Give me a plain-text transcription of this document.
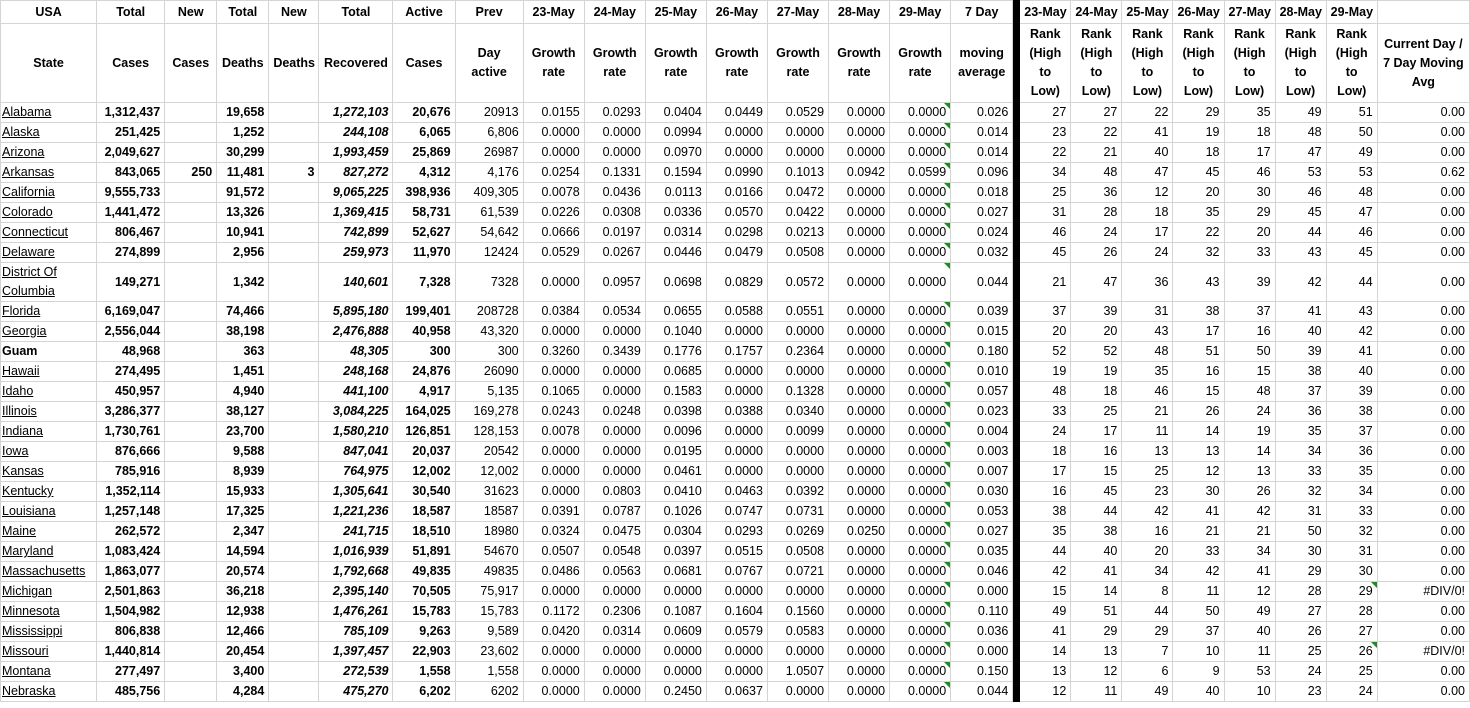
USA	Total	New	Total	New	Total	Active	Prev	23-May	24-May	25-May	26-May	27-May	28-May	29-May	7 Day		23-May	24-May	25-May	26-May	27-May	28-May	29-May	
State	Cases	Cases	Deaths	Deaths	Recovered	Cases	Day active	Growth rate	Growth rate	Growth rate	Growth rate	Growth rate	Growth rate	Growth rate	moving average		Rank (High to Low)	Rank (High to Low)	Rank (High to Low)	Rank (High to Low)	Rank (High to Low)	Rank (High to Low)	Rank (High to Low)	Current Day / 7 Day Moving Avg
Alabama	1,312,437		19,658		1,272,103	20,676	20913	0.0155	0.0293	0.0404	0.0449	0.0529	0.0000	0.0000	0.026		27	27	22	29	35	49	51	0.00
Alaska	251,425		1,252		244,108	6,065	6,806	0.0000	0.0000	0.0994	0.0000	0.0000	0.0000	0.0000	0.014		23	22	41	19	18	48	50	0.00
Arizona	2,049,627		30,299		1,993,459	25,869	26987	0.0000	0.0000	0.0970	0.0000	0.0000	0.0000	0.0000	0.014		22	21	40	18	17	47	49	0.00
Arkansas	843,065	250	11,481	3	827,272	4,312	4,176	0.0254	0.1331	0.1594	0.0990	0.1013	0.0942	0.0599	0.096		34	48	47	45	46	53	53	0.62
California	9,555,733		91,572		9,065,225	398,936	409,305	0.0078	0.0436	0.0113	0.0166	0.0472	0.0000	0.0000	0.018		25	36	12	20	30	46	48	0.00
Colorado	1,441,472		13,326		1,369,415	58,731	61,539	0.0226	0.0308	0.0336	0.0570	0.0422	0.0000	0.0000	0.027		31	28	18	35	29	45	47	0.00
Connecticut	806,467		10,941		742,899	52,627	54,642	0.0666	0.0197	0.0314	0.0298	0.0213	0.0000	0.0000	0.024		46	24	17	22	20	44	46	0.00
Delaware	274,899		2,956		259,973	11,970	12424	0.0529	0.0267	0.0446	0.0479	0.0508	0.0000	0.0000	0.032		45	26	24	32	33	43	45	0.00
District Of Columbia	149,271		1,342		140,601	7,328	7328	0.0000	0.0957	0.0698	0.0829	0.0572	0.0000	0.0000	0.044		21	47	36	43	39	42	44	0.00
Florida	6,169,047		74,466		5,895,180	199,401	208728	0.0384	0.0534	0.0655	0.0588	0.0551	0.0000	0.0000	0.039		37	39	31	38	37	41	43	0.00
Georgia	2,556,044		38,198		2,476,888	40,958	43,320	0.0000	0.0000	0.1040	0.0000	0.0000	0.0000	0.0000	0.015		20	20	43	17	16	40	42	0.00
Guam	48,968		363		48,305	300	300	0.3260	0.3439	0.1776	0.1757	0.2364	0.0000	0.0000	0.180		52	52	48	51	50	39	41	0.00
Hawaii	274,495		1,451		248,168	24,876	26090	0.0000	0.0000	0.0685	0.0000	0.0000	0.0000	0.0000	0.010		19	19	35	16	15	38	40	0.00
Idaho	450,957		4,940		441,100	4,917	5,135	0.1065	0.0000	0.1583	0.0000	0.1328	0.0000	0.0000	0.057		48	18	46	15	48	37	39	0.00
Illinois	3,286,377		38,127		3,084,225	164,025	169,278	0.0243	0.0248	0.0398	0.0388	0.0340	0.0000	0.0000	0.023		33	25	21	26	24	36	38	0.00
Indiana	1,730,761		23,700		1,580,210	126,851	128,153	0.0078	0.0000	0.0096	0.0000	0.0099	0.0000	0.0000	0.004		24	17	11	14	19	35	37	0.00
Iowa	876,666		9,588		847,041	20,037	20542	0.0000	0.0000	0.0195	0.0000	0.0000	0.0000	0.0000	0.003		18	16	13	13	14	34	36	0.00
Kansas	785,916		8,939		764,975	12,002	12,002	0.0000	0.0000	0.0461	0.0000	0.0000	0.0000	0.0000	0.007		17	15	25	12	13	33	35	0.00
Kentucky	1,352,114		15,933		1,305,641	30,540	31623	0.0000	0.0803	0.0410	0.0463	0.0392	0.0000	0.0000	0.030		16	45	23	30	26	32	34	0.00
Louisiana	1,257,148		17,325		1,221,236	18,587	18587	0.0391	0.0787	0.1026	0.0747	0.0731	0.0000	0.0000	0.053		38	44	42	41	42	31	33	0.00
Maine	262,572		2,347		241,715	18,510	18980	0.0324	0.0475	0.0304	0.0293	0.0269	0.0250	0.0000	0.027		35	38	16	21	21	50	32	0.00
Maryland	1,083,424		14,594		1,016,939	51,891	54670	0.0507	0.0548	0.0397	0.0515	0.0508	0.0000	0.0000	0.035		44	40	20	33	34	30	31	0.00
Massachusetts	1,863,077		20,574		1,792,668	49,835	49835	0.0486	0.0563	0.0681	0.0767	0.0721	0.0000	0.0000	0.046		42	41	34	42	41	29	30	0.00
Michigan	2,501,863		36,218		2,395,140	70,505	75,917	0.0000	0.0000	0.0000	0.0000	0.0000	0.0000	0.0000	0.000		15	14	8	11	12	28	29	#DIV/0!
Minnesota	1,504,982		12,938		1,476,261	15,783	15,783	0.1172	0.2306	0.1087	0.1604	0.1560	0.0000	0.0000	0.110		49	51	44	50	49	27	28	0.00
Mississippi	806,838		12,466		785,109	9,263	9,589	0.0420	0.0314	0.0609	0.0579	0.0583	0.0000	0.0000	0.036		41	29	29	37	40	26	27	0.00
Missouri	1,440,814		20,454		1,397,457	22,903	23,602	0.0000	0.0000	0.0000	0.0000	0.0000	0.0000	0.0000	0.000		14	13	7	10	11	25	26	#DIV/0!
Montana	277,497		3,400		272,539	1,558	1,558	0.0000	0.0000	0.0000	0.0000	1.0507	0.0000	0.0000	0.150		13	12	6	9	53	24	25	0.00
Nebraska	485,756		4,284		475,270	6,202	6202	0.0000	0.0000	0.2450	0.0637	0.0000	0.0000	0.0000	0.044		12	11	49	40	10	23	24	0.00
